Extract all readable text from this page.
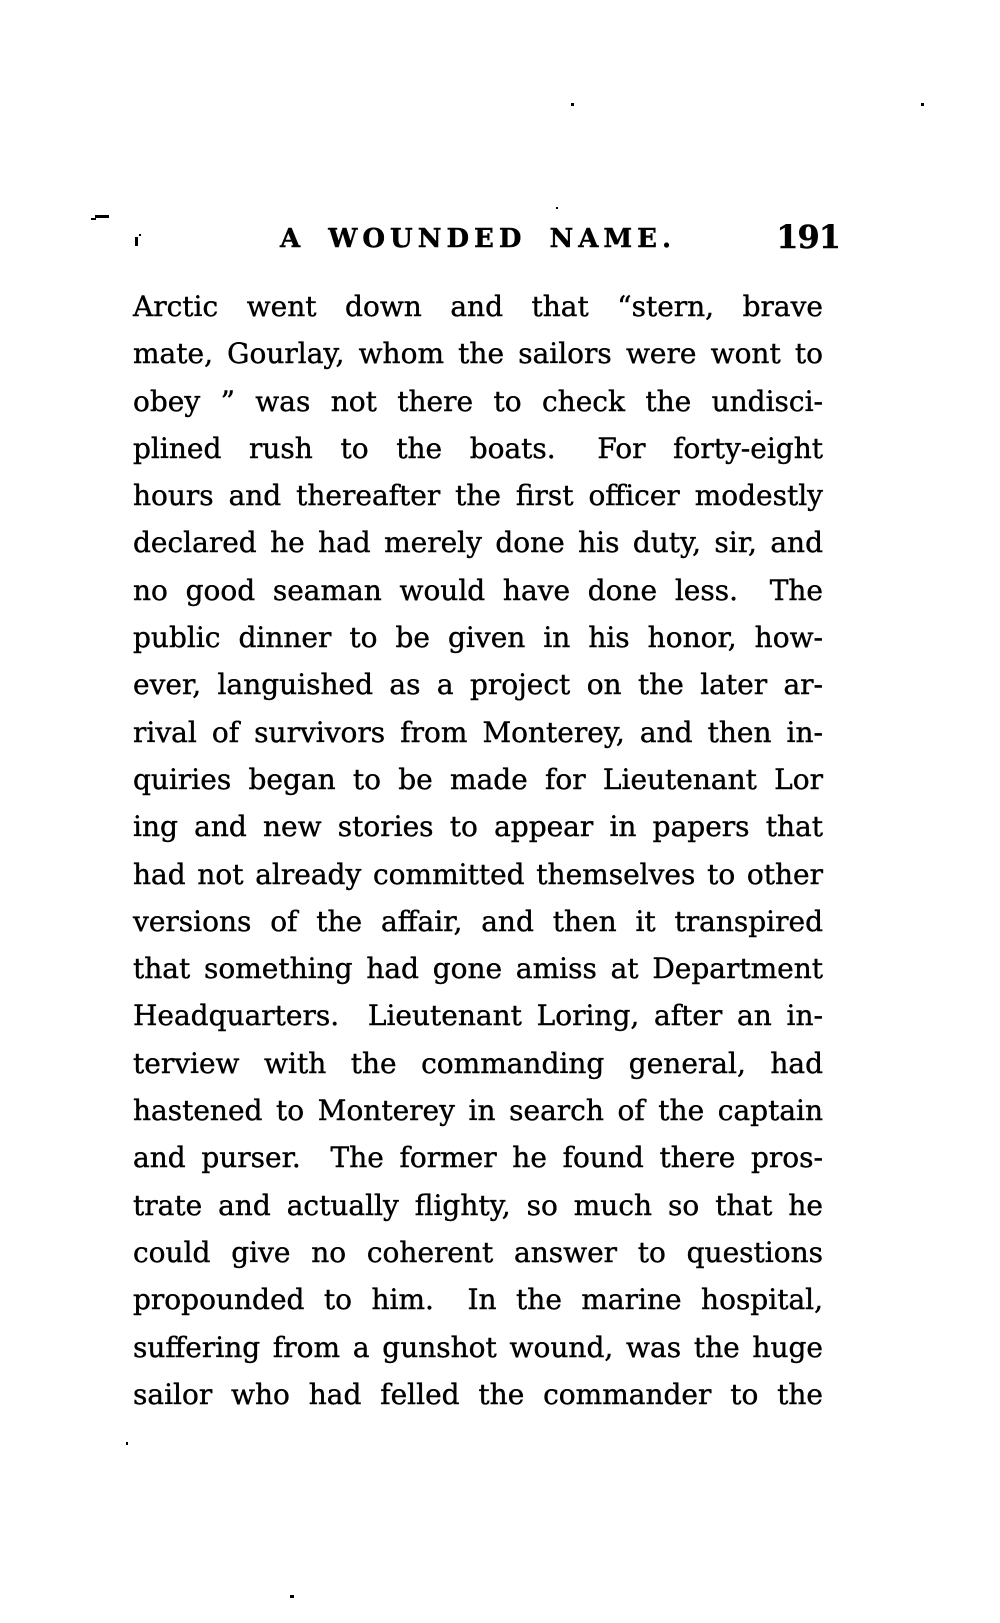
A WOUNDED NAME.	191
Arctic went down and that “stern, brave
mate, Gourlay, whom the sailors were wont to
obey ” was not there to check the undisci-
plined rush to the boats.  For forty-eight
hours and thereafter the first officer modestly
declared he had merely done his duty, sir, and
no good seaman would have done less.  The
public dinner to be given in his honor, how-
ever, languished as a project on the later ar-
rival of survivors from Monterey, and then in-
quiries began to be made for Lieutenant Lor
ing and new stories to appear in papers that
had not already committed themselves to other
versions of the affair, and then it transpired
that something had gone amiss at Department
Headquarters.  Lieutenant Loring, after an in-
terview with the commanding general, had
hastened to Monterey in search of the captain
and purser.  The former he found there pros-
trate and actually flighty, so much so that he
could give no coherent answer to questions
propounded to him.  In the marine hospital,
suffering from a gunshot wound, was the huge
sailor who had felled the commander to the
